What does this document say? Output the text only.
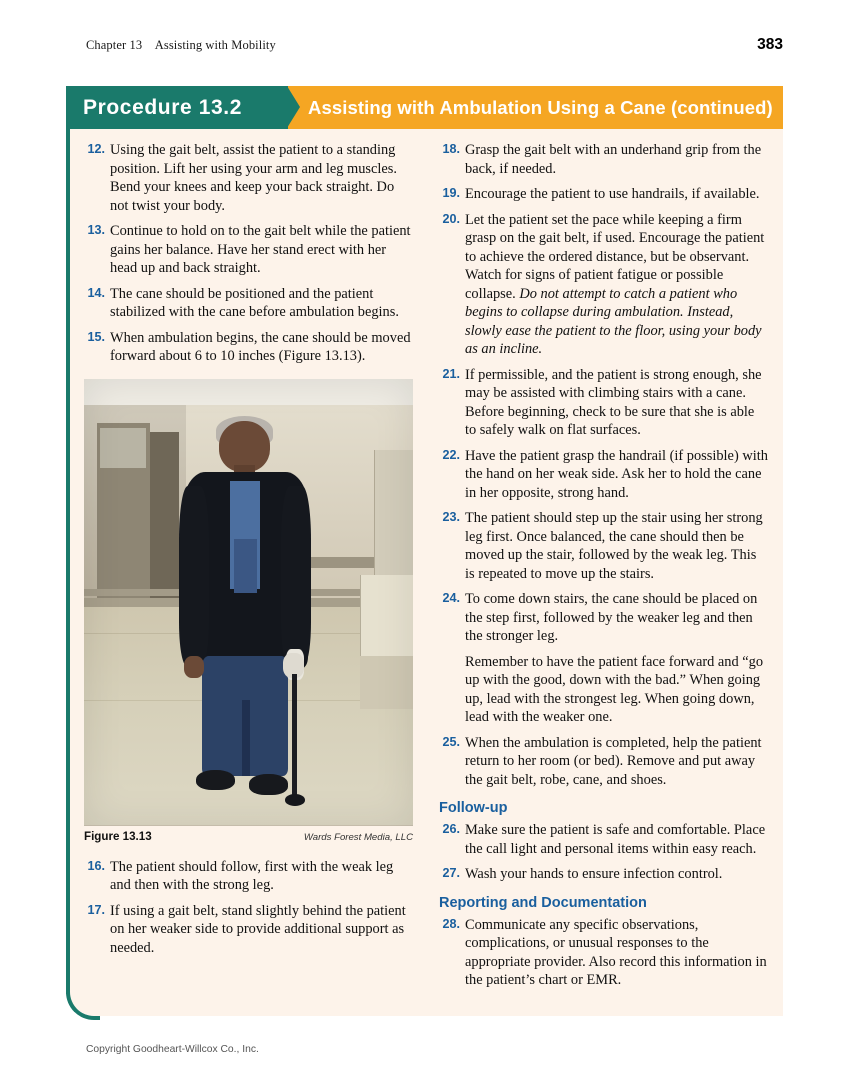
Chapter 13 Assisting with Mobility	383
Procedure 13.2	Assisting with Ambulation Using a Cane (continued)
12. Using the gait belt, assist the patient to a standing position. Lift her using your arm and leg muscles. Bend your knees and keep your back straight. Do not twist your body.
13. Continue to hold on to the gait belt while the patient gains her balance. Have her stand erect with her head up and back straight.
14. The cane should be positioned and the patient stabilized with the cane before ambulation begins.
15. When ambulation begins, the cane should be moved forward about 6 to 10 inches (Figure 13.13).
Figure 13.13	Wards Forest Media, LLC
16. The patient should follow, first with the weak leg and then with the strong leg.
17. If using a gait belt, stand slightly behind the patient on her weaker side to provide additional support as needed.
18. Grasp the gait belt with an underhand grip from the back, if needed.
19. Encourage the patient to use handrails, if available.
20. Let the patient set the pace while keeping a firm grasp on the gait belt, if used. Encourage the patient to achieve the ordered distance, but be observant. Watch for signs of patient fatigue or possible collapse. Do not attempt to catch a patient who begins to collapse during ambulation. Instead, slowly ease the patient to the floor, using your body as an incline.
21. If permissible, and the patient is strong enough, she may be assisted with climbing stairs with a cane. Before beginning, check to be sure that she is able to safely walk on flat surfaces.
22. Have the patient grasp the handrail (if possible) with the hand on her weak side. Ask her to hold the cane in her opposite, strong hand.
23. The patient should step up the stair using her strong leg first. Once balanced, the cane should then be moved up the stair, followed by the weak leg. This is repeated to move up the stairs.
24. To come down stairs, the cane should be placed on the step first, followed by the weaker leg and then the stronger leg.

Remember to have the patient face forward and “go up with the good, down with the bad.” When going up, lead with the strongest leg. When going down, lead with the weaker one.

25. When the ambulation is completed, help the patient return to her room (or bed). Remove and put away the gait belt, robe, cane, and shoes.
Follow-up
26. Make sure the patient is safe and comfortable. Place the call light and personal items within easy reach.
27. Wash your hands to ensure infection control.
Reporting and Documentation
28. Communicate any specific observations, complications, or unusual responses to the appropriate provider. Also record this information in the patient’s chart or EMR.
Copyright Goodheart-Willcox Co., Inc.
